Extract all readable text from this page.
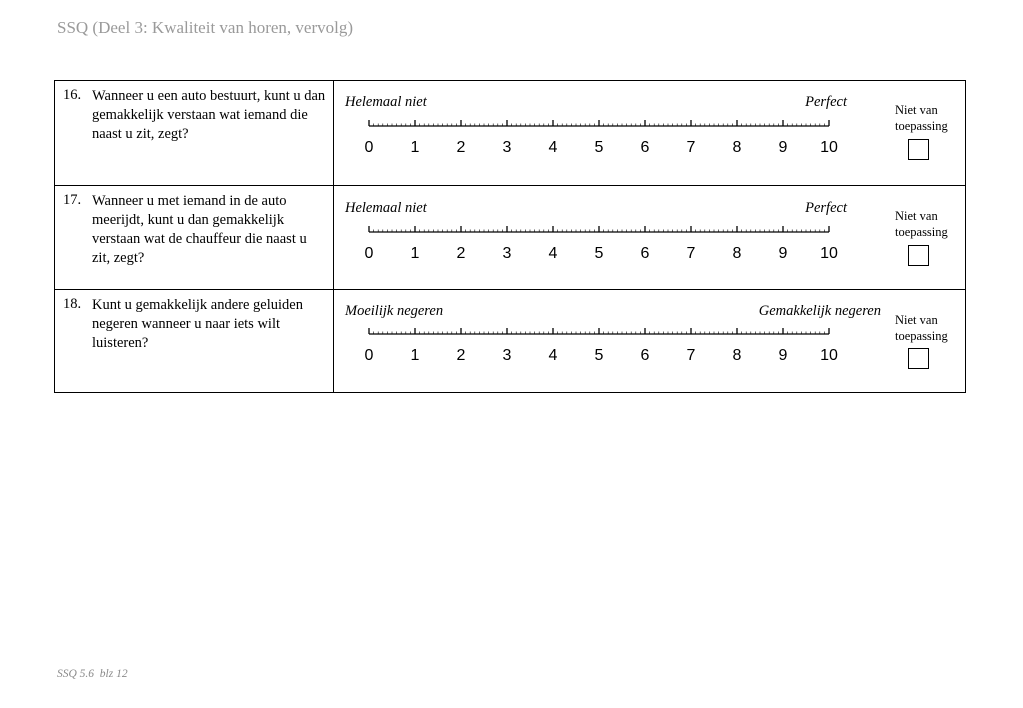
SSQ (Deel 3: Kwaliteit van horen, vervolg)
16. Wanneer u een auto bestuurt, kunt u dan gemakkelijk verstaan wat iemand die naast u zit, zegt?
Helemaal niet	Perfect
0 1 2 3 4 5 6 7 8 9 10
Niet van toepassing
17. Wanneer u met iemand in de auto meerijdt, kunt u dan gemakkelijk verstaan wat de chauffeur die naast u zit, zegt?
Helemaal niet	Perfect
0 1 2 3 4 5 6 7 8 9 10
Niet van toepassing
18. Kunt u gemakkelijk andere geluiden negeren wanneer u naar iets wilt luisteren?
Moeilijk negeren	Gemakkelijk negeren
0 1 2 3 4 5 6 7 8 9 10
Niet van toepassing
SSQ 5.6  blz 12
